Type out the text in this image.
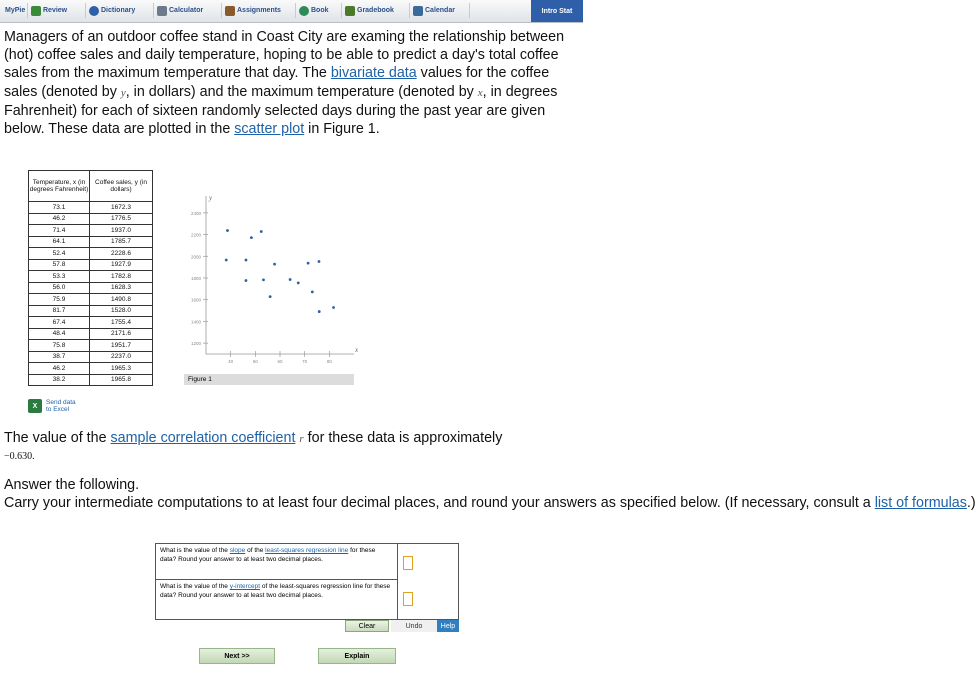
MyPie	Review	Dictionary	Calculator	Assignments	Book	Gradebook	Calendar	Intro Stat

Managers of an outdoor coffee stand in Coast City are examing the relationship between (hot) coffee sales and daily temperature, hoping to be able to predict a day's total coffee sales from the maximum temperature that day. The bivariate data values for the coffee sales (denoted by y, in dollars) and the maximum temperature (denoted by x, in degrees Fahrenheit) for each of sixteen randomly selected days during the past year are given below. These data are plotted in the scatter plot in Figure 1.

Temperature, x (in degrees Fahrenheit)	Coffee sales, y (in dollars)
73.1	1672.3
46.2	1776.5
71.4	1937.0
64.1	1785.7
52.4	2228.6
57.8	1927.9
53.3	1782.8
56.0	1628.3
75.9	1490.8
81.7	1528.0
67.4	1755.4
48.4	2171.6
75.8	1951.7
38.7	2237.0
46.2	1965.3
38.2	1965.8
X	Send data
to Excel
y
x
1200
1400
1600
1800
2000
2200
2400
40	50	60	70	80
Figure 1
The value of the sample correlation coefficient r for these data is approximately
−0.630.

Answer the following.

Carry your intermediate computations to at least four decimal places, and round your answers as specified below. (If necessary, consult a list of formulas.)

What is the value of the slope of the least-squares regression line for these data? Round your answer to at least two decimal places.
What is the value of the y-intercept of the least-squares regression line for these data? Round your answer to at least two decimal places.
Clear	Undo	Help
Next >>	Explain
